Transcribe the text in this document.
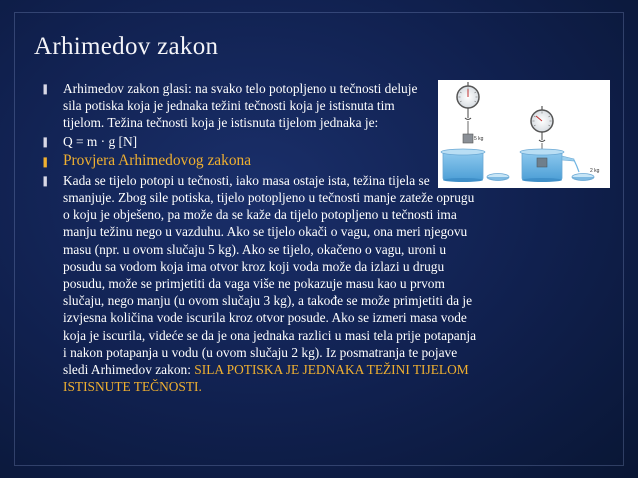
Arhimedov zakon
❚ Arhimedov zakon glasi: na svako telo potopljeno u tečnosti deluje sila potiska koja je jednaka težini tečnosti koja je istisnuta tim tijelom. Težina tečnosti koja je istisnuta tijelom jednaka je:
❚ Q = m · g [N]
❚ Provjera Arhimedovog zakona
❚ Kada se tijelo potopi u tečnosti, iako masa ostaje ista, težina tijela se smanjuje. Zbog sile potiska, tijelo potopljeno u tečnosti manje zateže oprugu o koju je obješeno, pa može da se kaže da tijelo potopljeno u tečnosti ima manju težinu nego u vazduhu. Ako se tijelo okači o vagu, ona meri njegovu masu (npr. u ovom slučaju 5 kg). Ako se tijelo, okačeno o vagu, uroni u posudu sa vodom koja ima otvor kroz koji voda može da izlazi u drugu posudu, može se primjetiti da vaga više ne pokazuje masu kao u prvom slučaju, nego manju (u ovom slučaju 3 kg), a takođe se može primjetiti da je izvjesna količina vode iscurila kroz otvor posude. Ako se izmeri masa vode koja je iscurila, videće se da je ona jednaka razlici u masi tela prije potapanja i nakon potapanja u vodu (u ovom slučaju 2 kg). Iz posmatranja te pojave sledi Arhimedov zakon: SILA POTISKA JE JEDNAKA TEŽINI TIJELOM ISTISNUTE TEČNOSTI.
5 kg
2 kg
